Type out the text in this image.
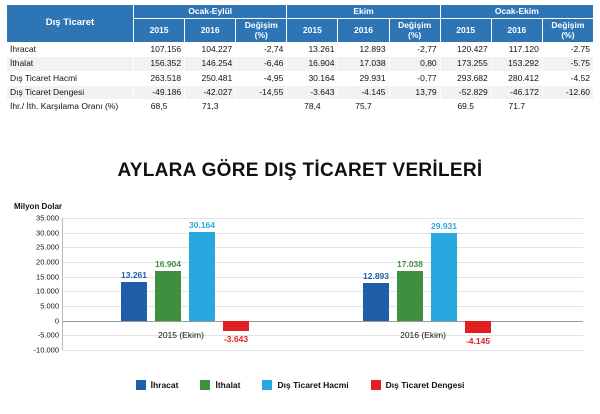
Dış Ticaret	Ocak-Eylül			Ekim			Ocak-Ekim		
	2015	2016	Değişim (%)	2015	2016	Değişim (%)	2015	2016	Değişim (%)
İhracat	107.156	104.227	-2,74	13.261	12.893	-2,77	120.427	117.120	-2.75
İthalat	156.352	146.254	-6,46	16.904	17.038	0,80	173.255	153.292	-5.75
Dış Ticaret Hacmi	263.518	250.481	-4,95	30.164	29.931	-0,77	293.682	280.412	-4.52
Dış Ticaret Dengesi	-49.186	-42.027	-14,55	-3.643	-4.145	13,79	-52.829	-46.172	-12.60
İhr./ İth. Karşılama Oranı (%)	68,5	71,3		78,4	75,7		69.5	71.7	
AYLARA GÖRE DIŞ TİCARET VERİLERİ
Milyon Dolar
35.000
30.000
25.000
20.000
15.000
10.000
5.000
0
-5.000
-10.000
13.261
16.904
30.164
-3.643
2015 (Ekim)
12.893
17.038
29.931
-4.145
2016 (Ekim)
İhracat	İthalat	Dış Ticaret Hacmi	Dış Ticaret Dengesi
